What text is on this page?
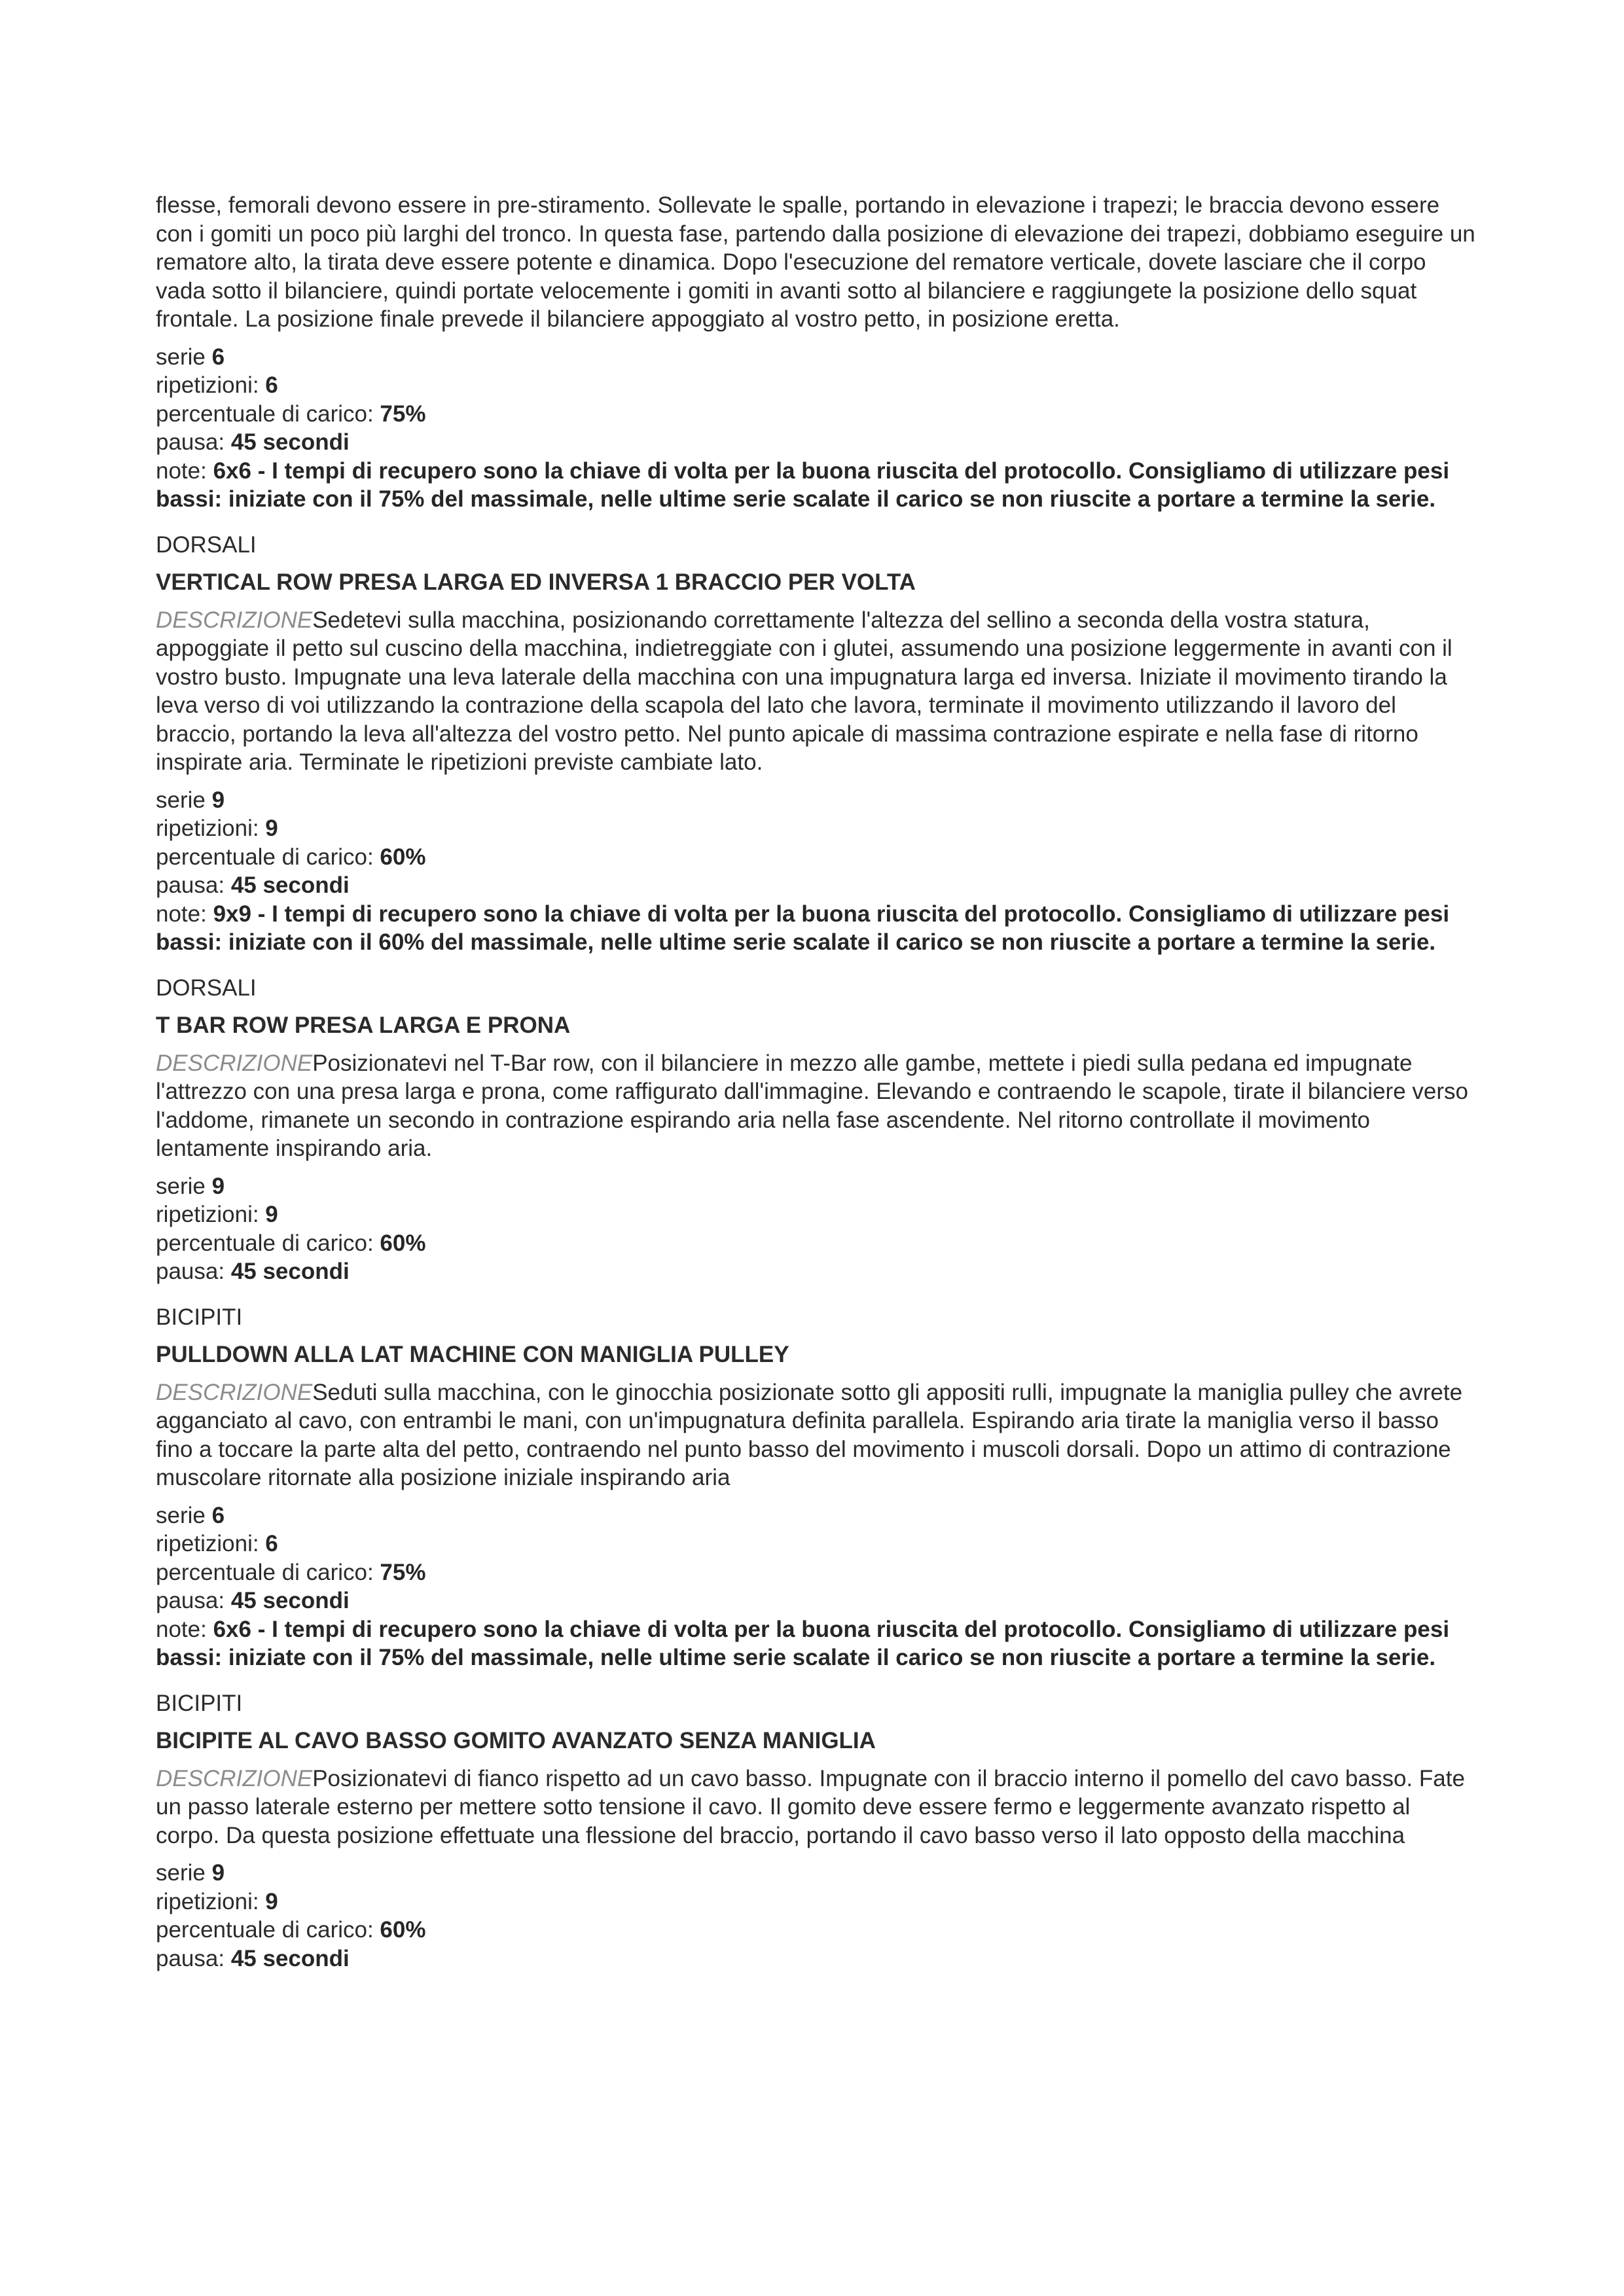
flesse, femorali devono essere in pre-stiramento. Sollevate le spalle, portando in elevazione i trapezi; le braccia devono essere con i gomiti un poco più larghi del tronco. In questa fase, partendo dalla posizione di elevazione dei trapezi, dobbiamo eseguire un rematore alto, la tirata deve essere potente e dinamica. Dopo l'esecuzione del rematore verticale, dovete lasciare che il corpo vada sotto il bilanciere, quindi portate velocemente i gomiti in avanti sotto al bilanciere e raggiungete la posizione dello squat frontale. La posizione finale prevede il bilanciere appoggiato al vostro petto, in posizione eretta.

serie 6
ripetizioni: 6
percentuale di carico: 75%
pausa: 45 secondi
note: 6x6 - I tempi di recupero sono la chiave di volta per la buona riuscita del protocollo. Consigliamo di utilizzare pesi bassi: iniziate con il 75% del massimale, nelle ultime serie scalate il carico se non riuscite a portare a termine la serie.

DORSALI

VERTICAL ROW PRESA LARGA ED INVERSA 1 BRACCIO PER VOLTA

DESCRIZIONESedetevi sulla macchina, posizionando correttamente l'altezza del sellino a seconda della vostra statura, appoggiate il petto sul cuscino della macchina, indietreggiate con i glutei, assumendo una posizione leggermente in avanti con il vostro busto. Impugnate una leva laterale della macchina con una impugnatura larga ed inversa. Iniziate il movimento tirando la leva verso di voi utilizzando la contrazione della scapola del lato che lavora, terminate il movimento utilizzando il lavoro del braccio, portando la leva all'altezza del vostro petto. Nel punto apicale di massima contrazione espirate e nella fase di ritorno inspirate aria. Terminate le ripetizioni previste cambiate lato.

serie 9
ripetizioni: 9
percentuale di carico: 60%
pausa: 45 secondi
note: 9x9 - I tempi di recupero sono la chiave di volta per la buona riuscita del protocollo. Consigliamo di utilizzare pesi bassi: iniziate con il 60% del massimale, nelle ultime serie scalate il carico se non riuscite a portare a termine la serie.

DORSALI

T BAR ROW PRESA LARGA E PRONA

DESCRIZIONEPosizionatevi nel T-Bar row, con il bilanciere in mezzo alle gambe, mettete i piedi sulla pedana ed impugnate l'attrezzo con una presa larga e prona, come raffigurato dall'immagine. Elevando e contraendo le scapole, tirate il bilanciere verso l'addome, rimanete un secondo in contrazione espirando aria nella fase ascendente. Nel ritorno controllate il movimento lentamente inspirando aria.

serie 9
ripetizioni: 9
percentuale di carico: 60%
pausa: 45 secondi

BICIPITI

PULLDOWN ALLA LAT MACHINE CON MANIGLIA PULLEY

DESCRIZIONESeduti sulla macchina, con le ginocchia posizionate sotto gli appositi rulli, impugnate la maniglia pulley che avrete agganciato al cavo, con entrambi le mani, con un'impugnatura definita parallela. Espirando aria tirate la maniglia verso il basso fino a toccare la parte alta del petto, contraendo nel punto basso del movimento i muscoli dorsali. Dopo un attimo di contrazione muscolare ritornate alla posizione iniziale inspirando aria

serie 6
ripetizioni: 6
percentuale di carico: 75%
pausa: 45 secondi
note: 6x6 - I tempi di recupero sono la chiave di volta per la buona riuscita del protocollo. Consigliamo di utilizzare pesi bassi: iniziate con il 75% del massimale, nelle ultime serie scalate il carico se non riuscite a portare a termine la serie.

BICIPITI

BICIPITE AL CAVO BASSO GOMITO AVANZATO SENZA MANIGLIA

DESCRIZIONEPosizionatevi di fianco rispetto ad un cavo basso. Impugnate con il braccio interno il pomello del cavo basso. Fate un passo laterale esterno per mettere sotto tensione il cavo. Il gomito deve essere fermo e leggermente avanzato rispetto al corpo. Da questa posizione effettuate una flessione del braccio, portando il cavo basso verso il lato opposto della macchina

serie 9
ripetizioni: 9
percentuale di carico: 60%
pausa: 45 secondi
